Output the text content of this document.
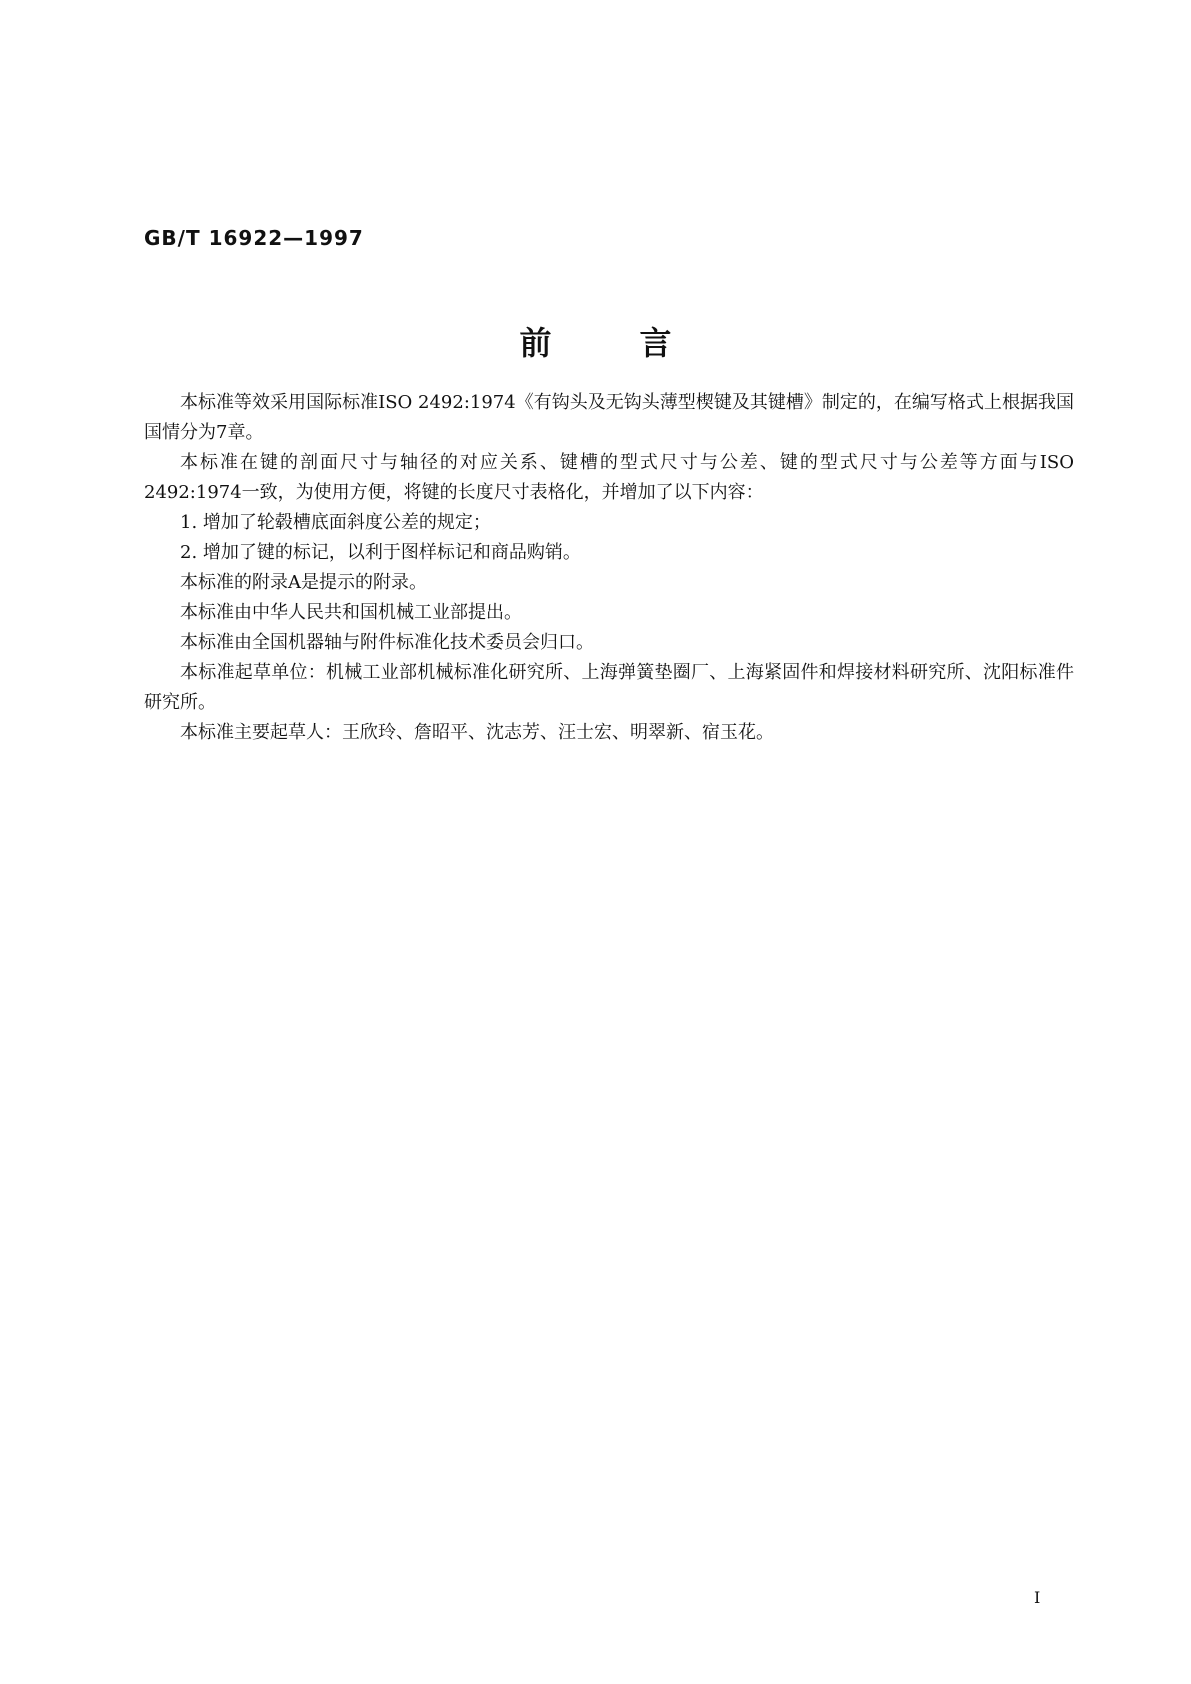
GB/T 16922—1997
前言

本标准等效采用国际标准ISO 2492:1974《有钩头及无钩头薄型楔键及其键槽》制定的，在编写格式上根据我国国情分为7章。

本标准在键的剖面尺寸与轴径的对应关系、键槽的型式尺寸与公差、键的型式尺寸与公差等方面与ISO 2492:1974一致，为使用方便，将键的长度尺寸表格化，并增加了以下内容：

1. 增加了轮毂槽底面斜度公差的规定；

2. 增加了键的标记，以利于图样标记和商品购销。

本标准的附录A是提示的附录。

本标准由中华人民共和国机械工业部提出。

本标准由全国机器轴与附件标准化技术委员会归口。

本标准起草单位：机械工业部机械标准化研究所、上海弹簧垫圈厂、上海紧固件和焊接材料研究所、沈阳标准件研究所。

本标准主要起草人：王欣玲、詹昭平、沈志芳、汪士宏、明翠新、宿玉花。

I
